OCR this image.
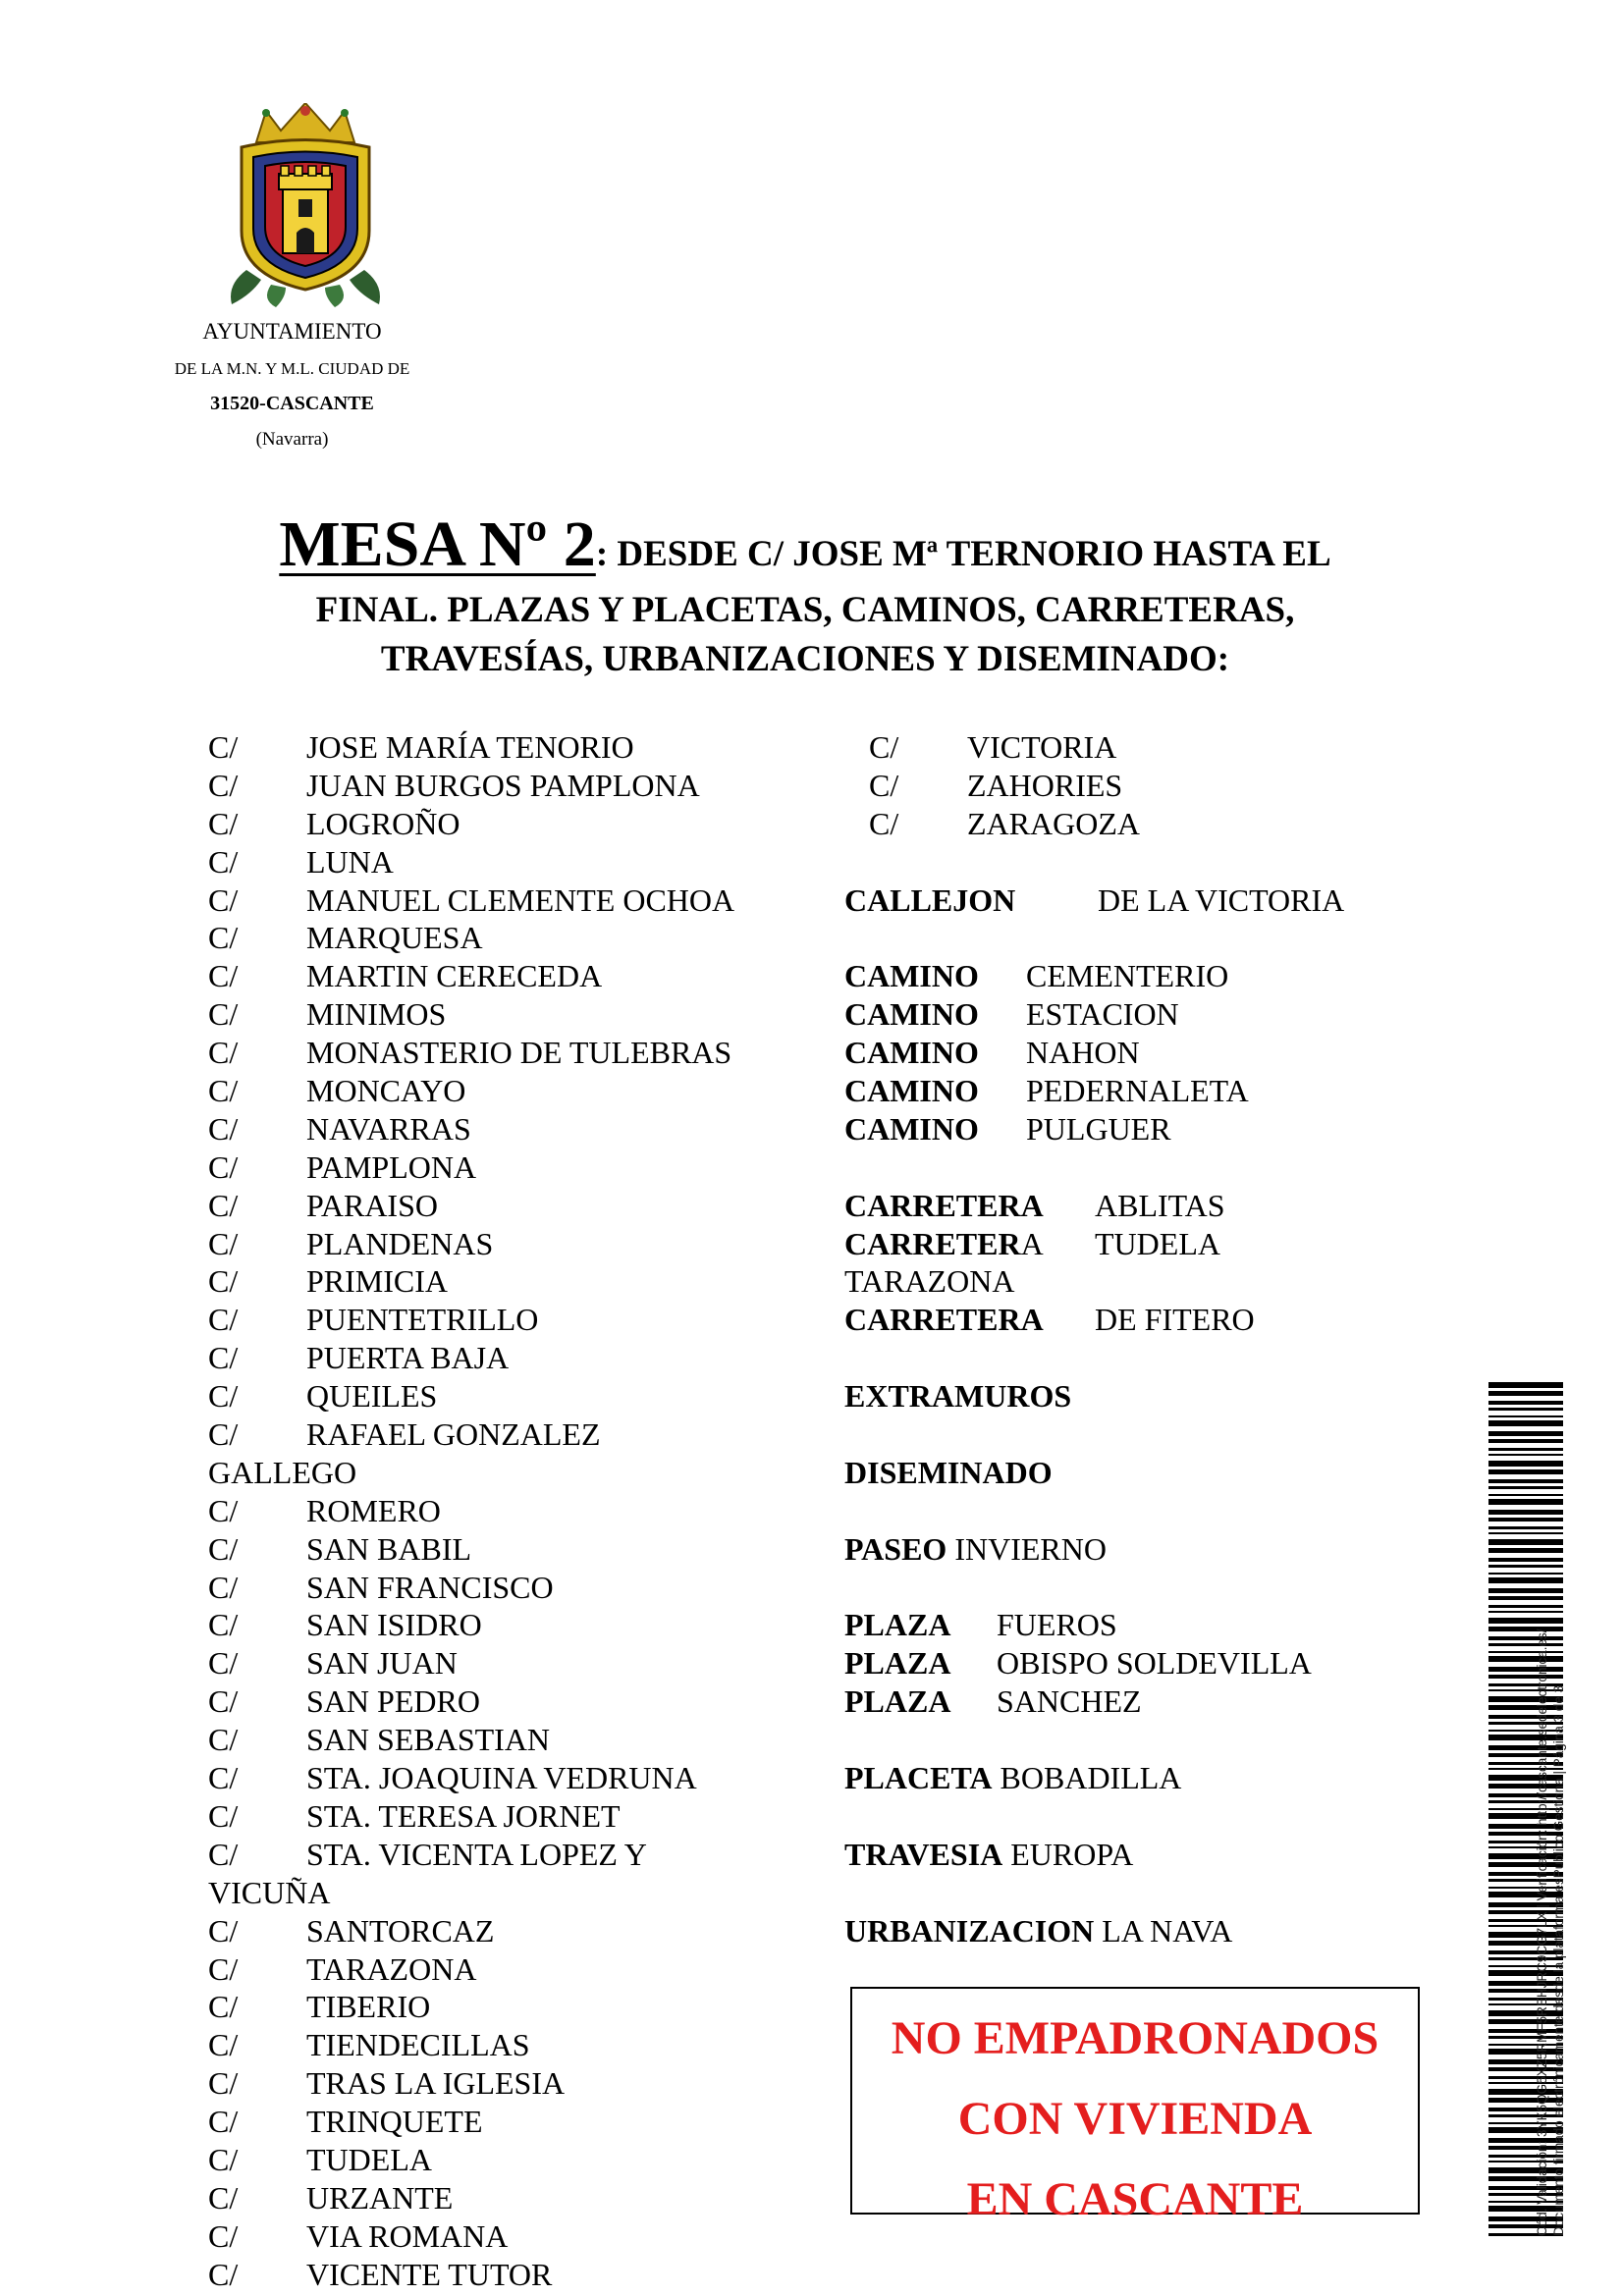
AYUNTAMIENTO
DE LA M.N. Y M.L. CIUDAD DE
31520-CASCANTE
(Navarra)
MESA Nº 2: DESDE C/ JOSE Mª TERNORIO HASTA EL
FINAL. PLAZAS Y PLACETAS, CAMINOS, CARRETERAS,
TRAVESÍAS, URBANIZACIONES Y DISEMINADO:
C/ JOSE MARÍA TENORIO
C/ JUAN BURGOS PAMPLONA
C/ LOGROÑO
C/ LUNA
C/ MANUEL CLEMENTE OCHOA
C/ MARQUESA
C/ MARTIN CERECEDA
C/ MINIMOS
C/ MONASTERIO DE TULEBRAS
C/ MONCAYO
C/ NAVARRAS
C/ PAMPLONA
C/ PARAISO
C/ PLANDENAS
C/ PRIMICIA
C/ PUENTETRILLO
C/ PUERTA BAJA
C/ QUEILES
C/ RAFAEL GONZALEZ
GALLEGO
C/ ROMERO
C/ SAN BABIL
C/ SAN FRANCISCO
C/ SAN ISIDRO
C/ SAN JUAN
C/ SAN PEDRO
C/ SAN SEBASTIAN
C/ STA. JOAQUINA VEDRUNA
C/ STA. TERESA JORNET
C/ STA. VICENTA LOPEZ Y
VICUÑA
C/ SANTORCAZ
C/ TARAZONA
C/ TIBERIO
C/ TIENDECILLAS
C/ TRAS LA IGLESIA
C/ TRINQUETE
C/ TUDELA
C/ URZANTE
C/ VIA ROMANA
C/ VICENTE TUTOR
C/ VICTORIA
C/ ZAHORIES
C/ ZARAGOZA
CALLEJON	DE LA VICTORIA
CAMINO CEMENTERIO
CAMINO ESTACION
CAMINO NAHON
CAMINO PEDERNALETA
CAMINO PULGUER
CARRETERA ABLITAS
CARRETERA TUDELA
TARAZONA
CARRETERA DE FITERO
EXTRAMUROS
DISEMINADO
PASEO INVIERNO
PLAZA FUEROS
PLAZA OBISPO SOLDEVILLA
PLAZA SANCHEZ
PLACETA BOBADILLA
TRAVESIA EUROPA
URBANIZACION LA NAVA
NO EMPADRONADOS
CON VIVIENDA
EN CASCANTE	Cód. Validación: 3YK5QG5XZ5RMF5REHJRC9CG7LX | Verificación: http://cascante.sedelectronica.es/ Documento firmado electrónicamente desde la plataforma esPublico Gestiona | Página 3 de 3
